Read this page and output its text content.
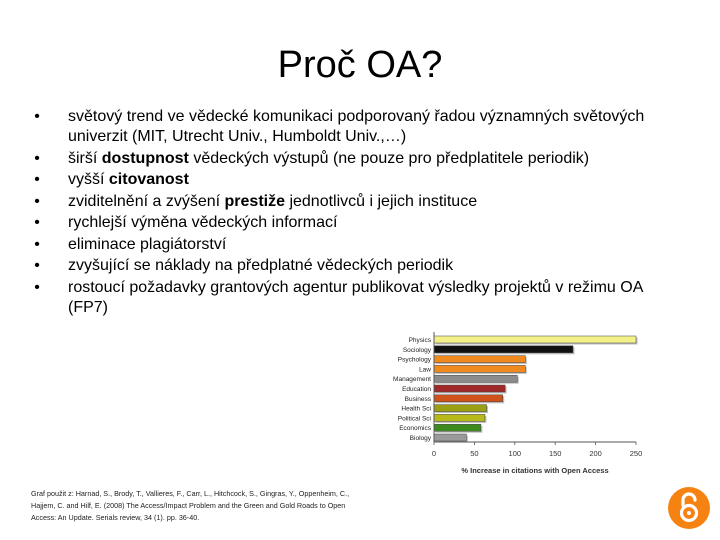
Proč OA?
• světový trend ve vědecké komunikaci podporovaný řadou významných světových univerzit (MIT, Utrecht Univ., Humboldt Univ.,…)
• širší dostupnost vědeckých výstupů (ne pouze pro předplatitele periodik)
• vyšší citovanost
• zviditelnění a zvýšení prestiže jednotlivců i jejich instituce
• rychlejší výměna vědeckých informací
• eliminace plagiátorství
• zvyšující se náklady na předplatné vědeckých periodik
• rostoucí požadavky grantových agentur publikovat výsledky projektů v režimu OA (FP7)
Physics
Sociology
Psychology
Law
Management
Education
Business
Health Sci
Political Sci
Economics
Biology
0	50	100	150	200	250
% Increase in citations with Open Access
Graf použit z: Harnad, S., Brody, T., Vallieres, F., Carr, L., Hitchcock, S., Gingras, Y., Oppenheim, C., Hajjem, C. and Hilf, E. (2008) The Access/Impact Problem and the Green and Gold Roads to Open Access: An Update. Serials review, 34 (1). pp. 36-40.
